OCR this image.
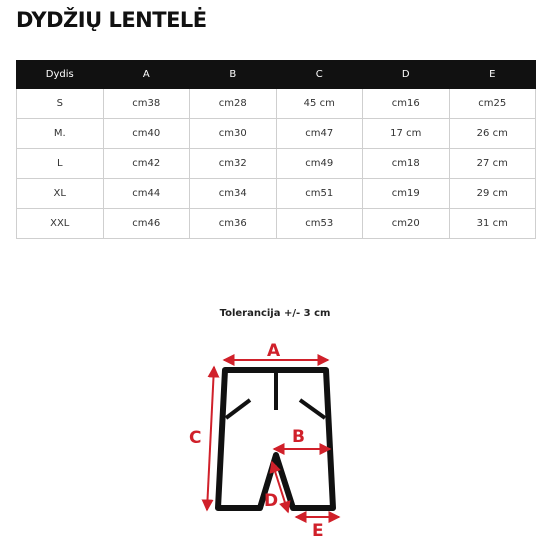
DYDŽIŲ LENTELĖ
Dydis	A	B	C	D	E
S	cm38	cm28	45 cm	cm16	cm25
M.	cm40	cm30	cm47	17 cm	26 cm
L	cm42	cm32	cm49	cm18	27 cm
XL	cm44	cm34	cm51	cm19	29 cm
XXL	cm46	cm36	cm53	cm20	31 cm
Tolerancija +/- 3 cm
A
C	B
D
E
